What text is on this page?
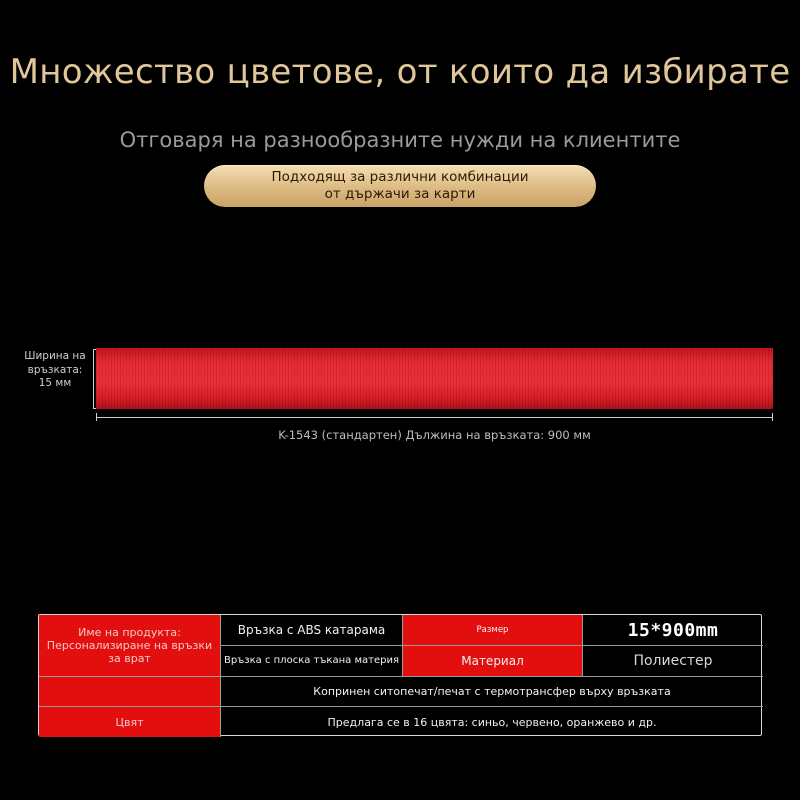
Множество цветове, от които да избирате
Отговаря на разнообразните нужди на клиентите
Подходящ за различни комбинации
от държачи за карти
Ширина на връзката: 15 мм
K-1543 (стандартен) Дължина на връзката: 900 мм
Име на продукта: Персонализиране на връзки за врат
Връзка с ABS катарама	Размер	15*900mm
Връзка с плоска тъкана материя	Материал	Полиестер
Копринен ситопечат/печат с термотрансфер върху връзката
Цвят	Предлага се в 16 цвята: синьо, червено, оранжево и др.
